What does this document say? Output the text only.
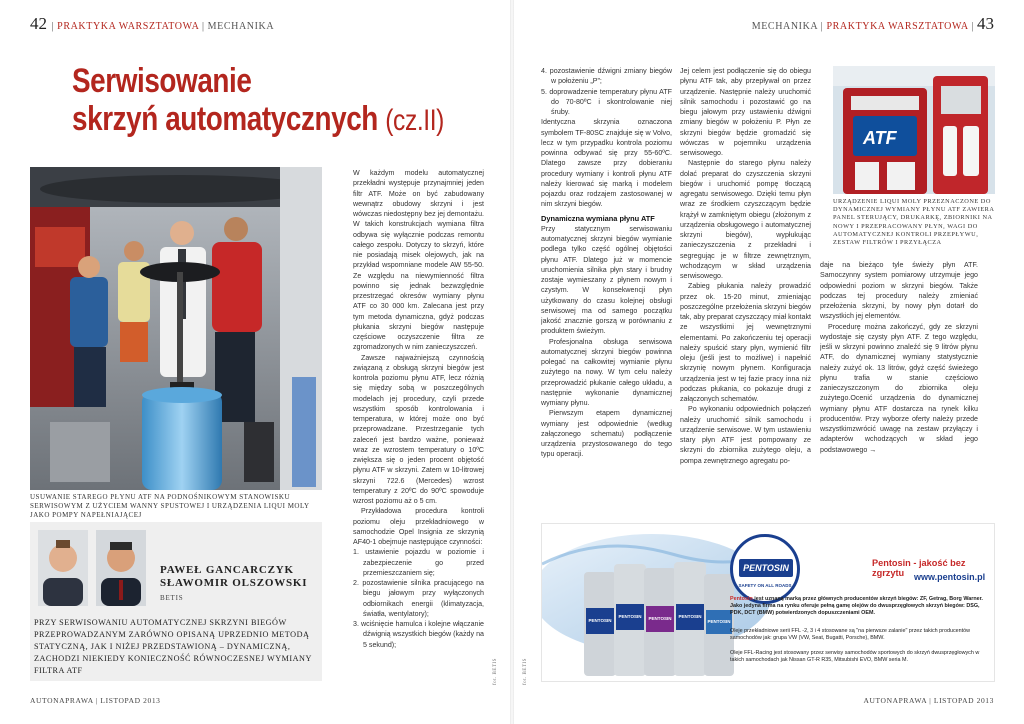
42 | PRAKTYKA WARSZTATOWA | MECHANIKA	MECHANIKA | PRAKTYKA WARSZTATOWA | 43
Serwisowanie
skrzyń automatycznych (cz.II)
USUWANIE STAREGO PŁYNU ATF NA PODNOŚNIKOWYM STANOWISKU SERWISOWYM Z UŻYCIEM WANNY SPUSTOWEJ I URZĄDZENIA LIQUI MOLY JAKO POMPY NAPEŁNIAJĄCEJ
PAWEŁ GANCARCZYK
SŁAWOMIR OLSZOWSKI
BETIS
PRZY SERWISOWANIU AUTOMATYCZNEJ SKRZYNI BIEGÓW PRZEPROWADZANYM ZARÓWNO OPISANĄ UPRZEDNIO METODĄ STATYCZNĄ, JAK I NIŻEJ PRZEDSTAWIONĄ – DYNAMICZNĄ, ZACHODZI NIEKIEDY KONIECZNOŚĆ RÓWNOCZESNEJ WYMIANY FILTRA ATF

W każdym modelu automatycznej przekładni występuje przynajmniej jeden filtr ATF. Może on być zabudowany wewnątrz obudowy skrzyni i jest wówczas niedostępny bez jej demontażu. W takich konstrukcjach wymiana filtra odbywa się wyłącznie podczas remontu całego zespołu. Dotyczy to skrzyń, które nie posiadają misek olejowych, jak na przykład wspomniane modele AW 55-50. Ze względu na niewymienność filtra powinno się jednak bezwzględnie przestrzegać okresów wymiany płynu ATF co 30 000 km. Zalecana jest przy tym metoda dynamiczna, gdyż podczas płukania skrzyni biegów następuje częściowe oczyszczenie filtra ze zgromadzonych w nim zanieczyszczeń.

Zawsze najważniejszą czynnością związaną z obsługą skrzyni biegów jest kontrola poziomu płynu ATF, lecz różnią się między sobą w poszczególnych modelach jej procedury, czyli przede wszystkim sposób kontrolowania i temperatura, w której może ono być przeprowadzane. Przestrzeganie tych zaleceń jest bardzo ważne, ponieważ wraz ze wzrostem temperatury o 10ºC zwiększa się o jeden procent objętość płynu ATF w skrzyni. Zatem w 10-litrowej skrzyni 722.6 (Mercedes) wzrost temperatury z 20ºC do 90ºC spowoduje wzrost poziomu aż o 5 cm.

Przykładowa procedura kontroli poziomu oleju przekładniowego w samochodzie Opel Insignia ze skrzynią AF40-1 obejmuje następujące czynności:

1. ustawienie pojazdu w poziomie i zabezpieczenie go przed przemieszczaniem się;
2. pozostawienie silnika pracującego na biegu jałowym przy wyłączonych odbiornikach energii (klimatyzacja, światła, wentylatory);
3. wciśnięcie hamulca i kolejne włączanie dźwignią wszystkich biegów (każdy na 5 sekund);
fot. BETIS	fot. BETIS
4. pozostawienie dźwigni zmiany biegów w położeniu „P”;
5. doprowadzenie temperatury płynu ATF do 70-80ºC i skontrolowanie niej śruby.

Identyczna skrzynia oznaczona symbolem TF-80SC znajduje się w Volvo, lecz w tym przypadku kontrola poziomu powinna odbywać się przy 55-60ºC. Dlatego zawsze przy dobieraniu procedury wymiany i kontroli płynu ATF należy kierować się marką i modelem pojazdu oraz rodzajem zastosowanej w nim skrzyni biegów.

Dynamiczna wymiana płynu ATF

Przy statycznym serwisowaniu automatycznej skrzyni biegów wymianie podlega tylko część ogólnej objętości płynu ATF. Dlatego już w momencie uruchomienia silnika płyn stary i brudny zostaje wymieszany z płynem nowym i czystym. W konsekwencji płyn użytkowany do czasu kolejnej obsługi serwisowej ma od samego początku jakość znacznie gorszą w porównaniu z produktem świeżym.

Profesjonalna obsługa serwisowa automatycznej skrzyni biegów powinna polegać na całkowitej wymianie płynu zużytego na nowy. W tym celu należy przeprowadzić płukanie całego układu, a następnie wykonanie dynamicznej wymiany płynu.

Pierwszym etapem dynamicznej wymiany jest odpowiednie (według załączonego schematu) podłączenie urządzenia przystosowanego do tego typu operacji.

Jej celem jest podłączenie się do obiegu płynu ATF tak, aby przepływał on przez urządzenie. Następnie należy uruchomić silnik samochodu i pozostawić go na biegu jałowym przy ustawieniu dźwigni zmiany biegów w położeniu P. Płyn ze skrzyni biegów będzie gromadzić się wówczas w pojemniku urządzenia serwisowego.

Następnie do starego płynu należy dolać preparat do czyszczenia skrzyni biegów i uruchomić pompę tłoczącą agregatu serwisowego. Dzięki temu płyn wraz ze środkiem czyszczącym będzie krążył w zamkniętym obiegu (złożonym z urządzenia obsługowego i automatycznej skrzyni biegów), wypłukując zanieczyszczenia z przekładni i segregując je w filtrze zewnętrznym, wchodzącym w skład urządzenia serwisowego.

Zabieg płukania należy prowadzić przez ok. 15-20 minut, zmieniając poszczególne przełożenia skrzyni biegów tak, aby preparat czyszczący miał kontakt ze wszystkimi jej wewnętrznymi elementami. Po zakończeniu tej operacji należy spuścić stary płyn, wymienić filtr oleju (jeśli jest to możliwe) i napełnić skrzynię nowym płynem. Konfiguracja urządzenia jest w tej fazie pracy inna niż podczas płukania, co pokazuje drugi z załączonych schematów.

Po wykonaniu odpowiednich połączeń należy uruchomić silnik samochodu i urządzenie serwisowe. W tym ustawieniu stary płyn ATF jest pompowany ze skrzyni do zbiornika zużytego oleju, a pompa zewnętrznego agregatu po-

ATF
URZĄDZENIE LIQUI MOLY PRZEZNACZONE DO DYNAMICZNEJ WYMIANY PŁYNU ATF ZAWIERA PANEL STERUJĄCY, DRUKARKĘ, ZBIORNIKI NA NOWY I PRZEPRACOWANY PŁYN, WAGI DO AUTOMATYCZNEJ KONTROLI PRZEPŁYWU, ZESTAW FILTRÓW I PRZYŁĄCZA

daje na bieżąco tyle świeży płyn ATF. Samoczynny system pomiarowy utrzymuje jego odpowiedni poziom w skrzyni biegów. Także podczas tej procedury należy zmieniać przełożenia skrzyni, by nowy płyn dotarł do wszystkich jej elementów.

Procedurę można zakończyć, gdy ze skrzyni wydostaje się czysty płyn ATF. Z tego względu, jeśli w skrzyni powinno znaleźć się 9 litrów płynu ATF, do dynamicznej wymiany statystycznie należy zużyć ok. 13 litrów, gdyż część świeżego płynu trafia w stanie częściowo zanieczyszczonym do zbiornika oleju zużytego.Ocenić urządzenia do dynamicznej wymiany płynu ATF dostarcza na rynek kilku producentów. Przy wyborze oferty należy przede wszystkimzwrócić uwagę na zestaw przyłączy i adapterów wchodzących w skład jego podstawowego →

PENTOSIN
PENTOSIN	PENTOSIN	PENTOSIN
PENTOSIN
PENTOSIN
SAFETY ON ALL ROADS
Pentosin - jakość bez zgrzytu	www.pentosin.pl
Pentosin jest uznaną marką przez głównych producentów skrzyń biegów: ZF, Getrag, Borg Warner. Jako jedyna firma na rynku oferuje pełną gamę olejów do dwusprzęgłowych skrzyń biegów: DSG, PDK, DCT (BMW) potwierdzonych dopuszczeniami OEM.
Oleje przekładniowe serii FFL -2, 3 i 4 stosowane są "na pierwsze zalanie" przez takich producentów samochodów jak: grupa VW (VW, Seat, Bugatti, Porsche), BMW.
Oleje FFL-Racing jest stosowany przez serwisy samochodów sportowych do skrzyń dwusprzęgłowych w takich samochodach jak Nissan GT-R R35, Mitsubishi EVO, BMW seria M.
AUTONAPRAWA | LISTOPAD 2013	AUTONAPRAWA | LISTOPAD 2013
